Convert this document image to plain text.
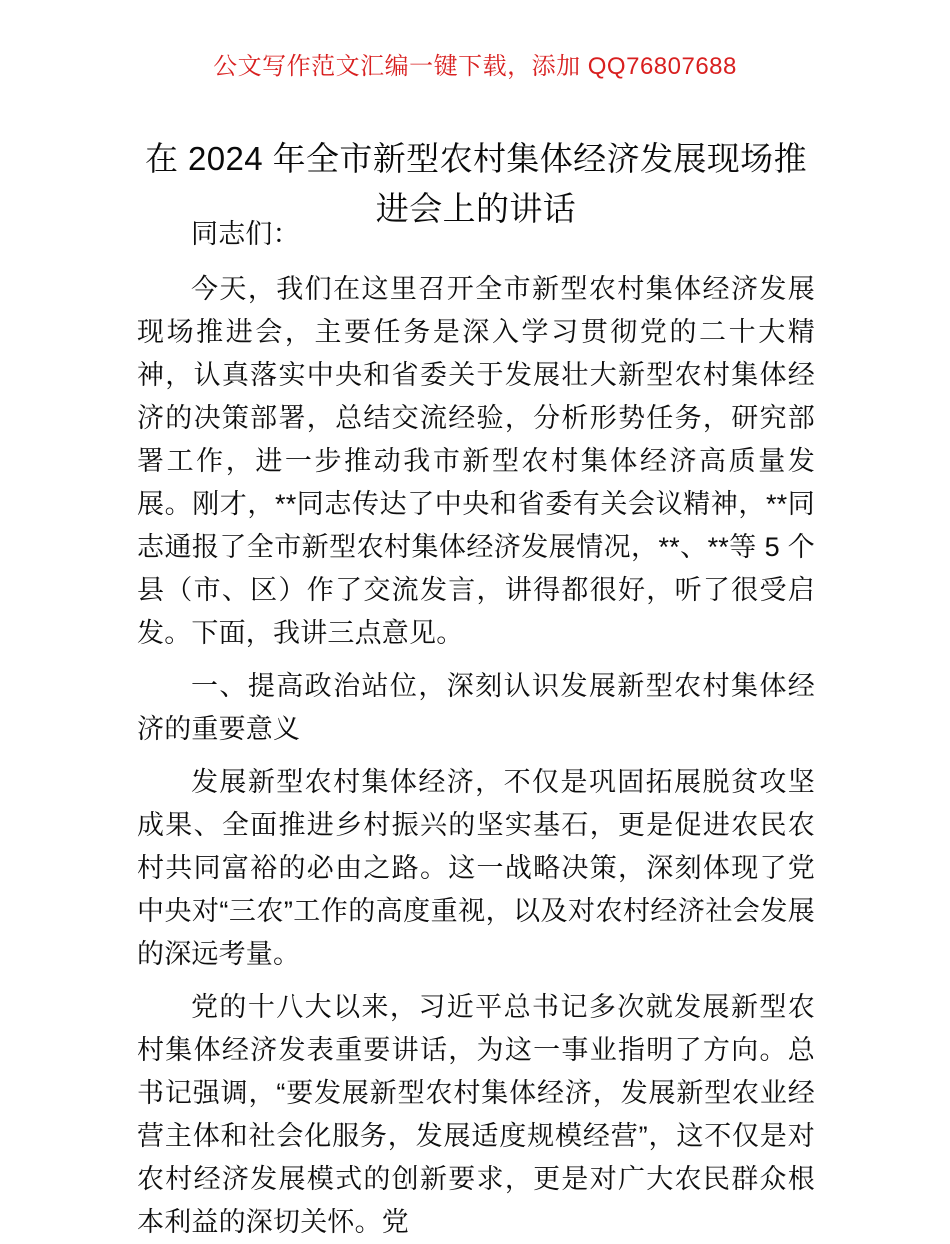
公文写作范文汇编一键下载，添加 QQ76807688
在 2024 年全市新型农村集体经济发展现场推进会上的讲话

同志们：

今天，我们在这里召开全市新型农村集体经济发展现场推进会，主要任务是深入学习贯彻党的二十大精神，认真落实中央和省委关于发展壮大新型农村集体经济的决策部署，总结交流经验，分析形势任务，研究部署工作，进一步推动我市新型农村集体经济高质量发展。刚才，**同志传达了中央和省委有关会议精神，**同志通报了全市新型农村集体经济发展情况，**、**等 5 个县（市、区）作了交流发言，讲得都很好，听了很受启发。下面，我讲三点意见。

一、提高政治站位，深刻认识发展新型农村集体经济的重要意义

发展新型农村集体经济，不仅是巩固拓展脱贫攻坚成果、全面推进乡村振兴的坚实基石，更是促进农民农村共同富裕的必由之路。这一战略决策，深刻体现了党中央对“三农”工作的高度重视，以及对农村经济社会发展的深远考量。

党的十八大以来，习近平总书记多次就发展新型农村集体经济发表重要讲话，为这一事业指明了方向。总书记强调，“要发展新型农村集体经济，发展新型农业经营主体和社会化服务，发展适度规模经营”，这不仅是对农村经济发展模式的创新要求，更是对广大农民群众根本利益的深切关怀。党
